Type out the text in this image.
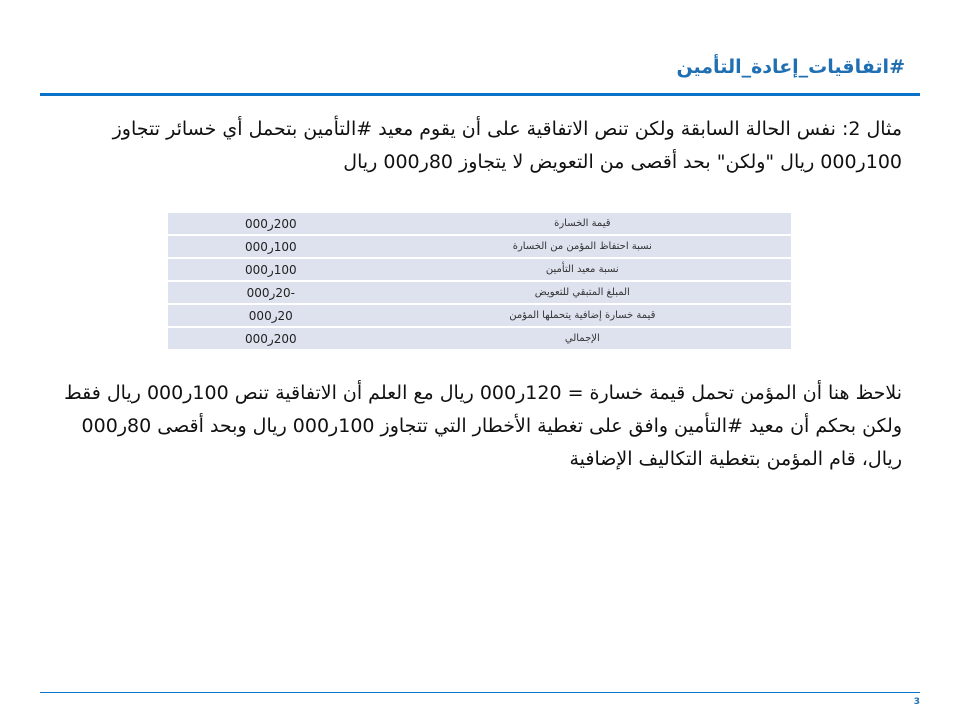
#اتفاقيات_إعادة_التأمين

مثال 2: نفس الحالة السابقة ولكن تنص الاتفاقية على أن يقوم معيد #التأمين بتحمل أي خسائر تتجاوز 100ر000 ريال "ولكن" بحد أقصى من التعويض لا يتجاوز 80ر000 ريال

قيمة الخسارة	200ر000
نسبة احتفاظ المؤمن من الخسارة	100ر000
نسبة معيد التأمين	100ر000
المبلغ المتبقي للتعويض	-20ر000
قيمة خسارة إضافية يتحملها المؤمن	20ر000
الإجمالي	200ر000

نلاحظ هنا أن المؤمن تحمل قيمة خسارة = 120ر000 ريال مع العلم أن الاتفاقية تنص 100ر000 ريال فقط ولكن بحكم أن معيد #التأمين وافق على تغطية الأخطار التي تتجاوز 100ر000 ريال وبحد أقصى 80ر000 ريال، قام المؤمن بتغطية التكاليف الإضافية

3
